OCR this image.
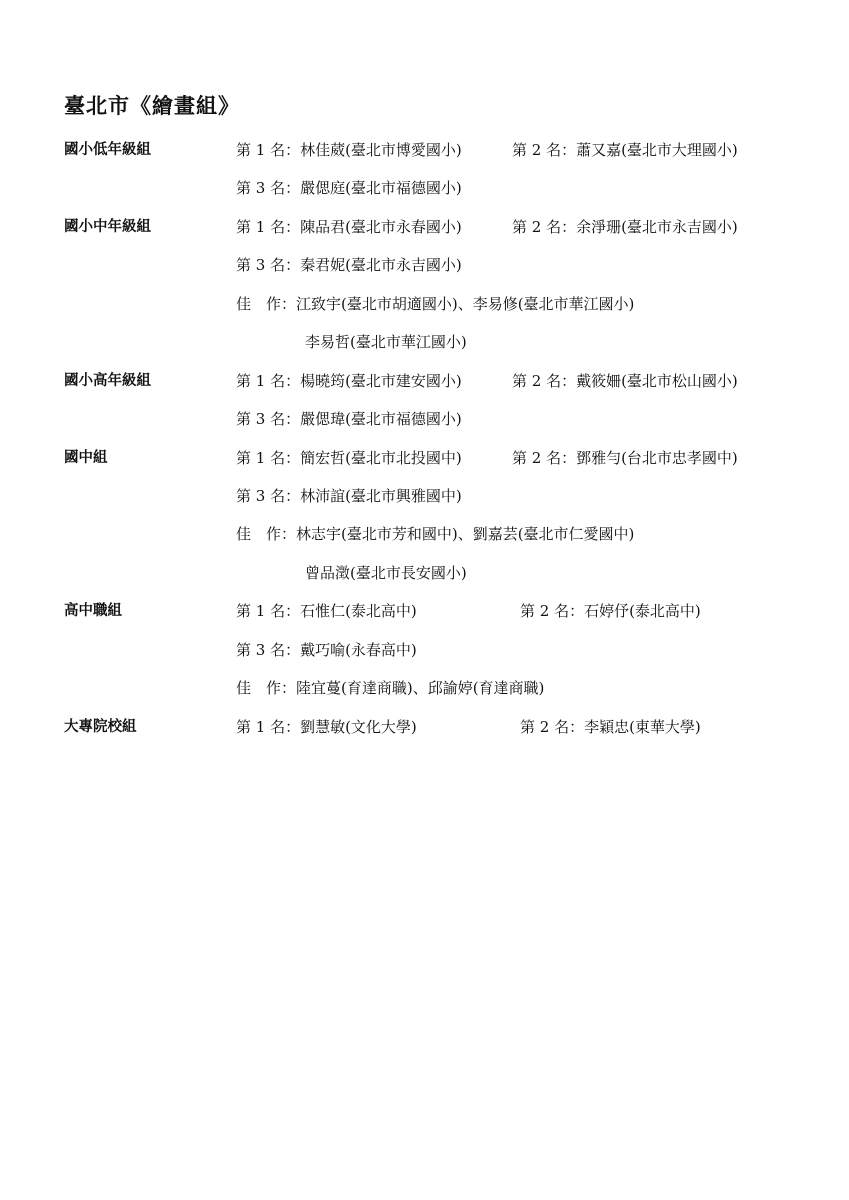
臺北市《繪畫組》
國小低年級組	第 1 名：林佳葳(臺北市博愛國小)	第 2 名：蕭又嘉(臺北市大理國小)
第 3 名：嚴偲庭(臺北市福德國小)
國小中年級組	第 1 名：陳品君(臺北市永春國小)	第 2 名：余淨珊(臺北市永吉國小)
第 3 名：秦君妮(臺北市永吉國小)
佳　作：江致宇(臺北市胡適國小)、李易修(臺北市華江國小)
李易哲(臺北市華江國小)
國小高年級組	第 1 名：楊曉筠(臺北市建安國小)	第 2 名：戴筱姍(臺北市松山國小)
第 3 名：嚴偲瑋(臺北市福德國小)
國中組	第 1 名：簡宏哲(臺北市北投國中)	第 2 名：鄧雅勻(台北市忠孝國中)
第 3 名：林沛誼(臺北市興雅國中)
佳　作：林志宇(臺北市芳和國中)、劉嘉芸(臺北市仁愛國中)
曾品澂(臺北市長安國小)
高中職組	第 1 名：石惟仁(泰北高中)	第 2 名：石婷伃(泰北高中)
第 3 名：戴巧喻(永春高中)
佳　作：陸宜蔓(育達商職)、邱諭婷(育達商職)
大專院校組	第 1 名：劉慧敏(文化大學)	第 2 名：李穎忠(東華大學)
